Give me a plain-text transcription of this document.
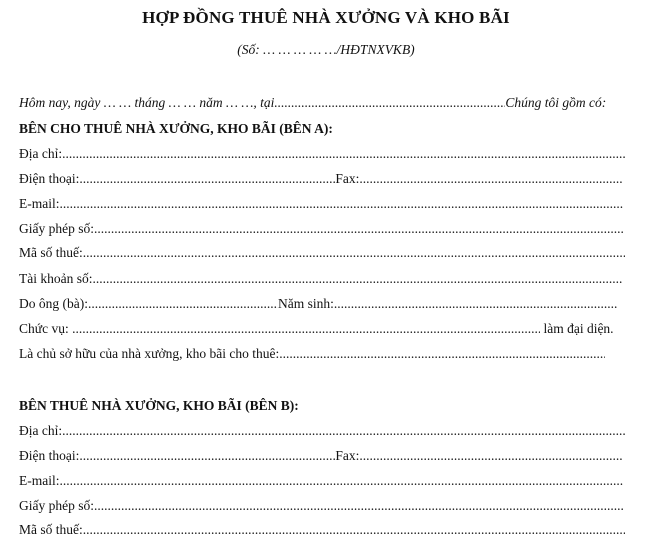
HỢP ĐỒNG THUÊ NHÀ XƯỞNG VÀ KHO BÃI
(Số: … … … … …/HĐTNXVKB)
Hôm nay, ngày … … tháng … … năm … …, tại .....	Chúng tôi gồm có:
BÊN CHO THUÊ NHÀ XƯỞNG, KHO BÃI (BÊN A):
Địa chỉ:.....
Điện thoại: .....	Fax:.....
E-mail:.....
Giấy phép số:.....
Mã số thuế:.....
Tài khoản số:.....
Do ông (bà): .....	Năm sinh:.....
Chức vụ: .....	làm đại diện.
Là chủ sở hữu của nhà xưởng, kho bãi cho thuê:.....
BÊN THUÊ NHÀ XƯỞNG, KHO BÃI (BÊN B):
Địa chỉ:.....
Điện thoại: .....	Fax:.....
E-mail:.....
Giấy phép số:.....
Mã số thuế:.....
